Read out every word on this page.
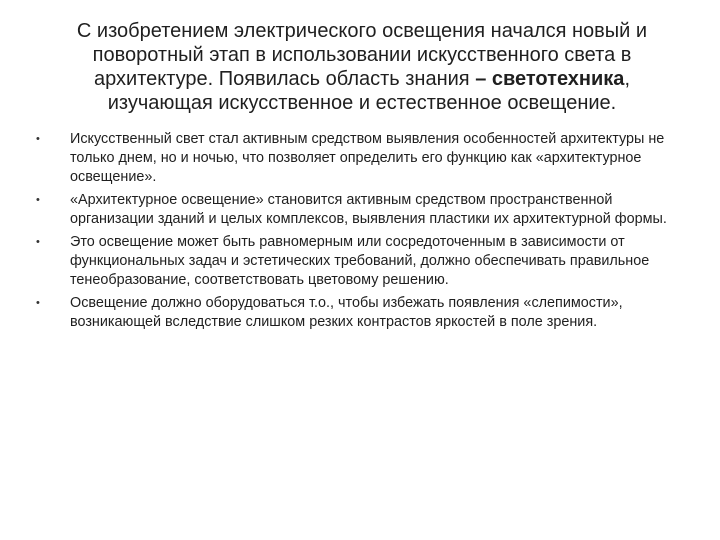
С изобретением электрического освещения начался новый и поворотный этап в использовании искусственного света в архитектуре. Появилась область знания – светотехника, изучающая искусственное и естественное освещение.
•	Искусственный свет стал активным средством выявления особенностей архитектуры не только днем, но и ночью, что позволяет определить его функцию как «архитектурное освещение».
•	«Архитектурное освещение» становится активным средством пространственной организации зданий и целых комплексов, выявления пластики их архитектурной формы.
•	Это освещение может быть равномерным или сосредоточенным в зависимости от функциональных задач и эстетических требований, должно обеспечивать правильное тенеобразование, соответствовать цветовому решению.
•	Освещение должно оборудоваться т.о., чтобы избежать появления «слепимости», возникающей вследствие слишком резких контрастов яркостей в поле зрения.
